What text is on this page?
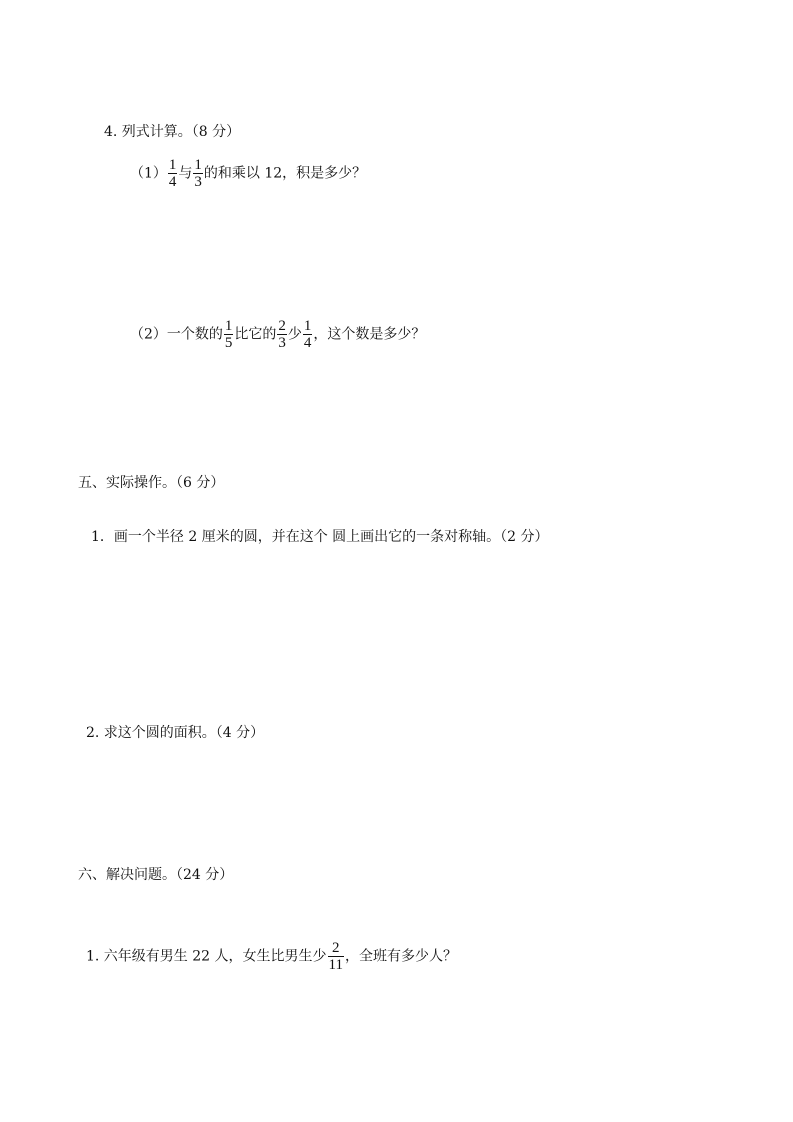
4. 列式计算。（8 分）
$(1) \frac{1}{4}$ 与 $\frac{1}{3}$ 的和乘以 12，积是多少？
（2）一个数的 $\frac{1}{5}$ 比它的 $\frac{2}{3}$ 少 $\frac{1}{4}$ ，这个数是多少？
五、实际操作。（6 分）
1．画一个半径 2 厘米的圆，并在这个 圆上画出它的一条对称轴。（2 分）
2. 求这个圆的面积。（4 分）
六、解决问题。（24 分）
1. 六年级有男生 22 人，女生比男生少 $\frac{2}{11}$ ，全班有多少人？
